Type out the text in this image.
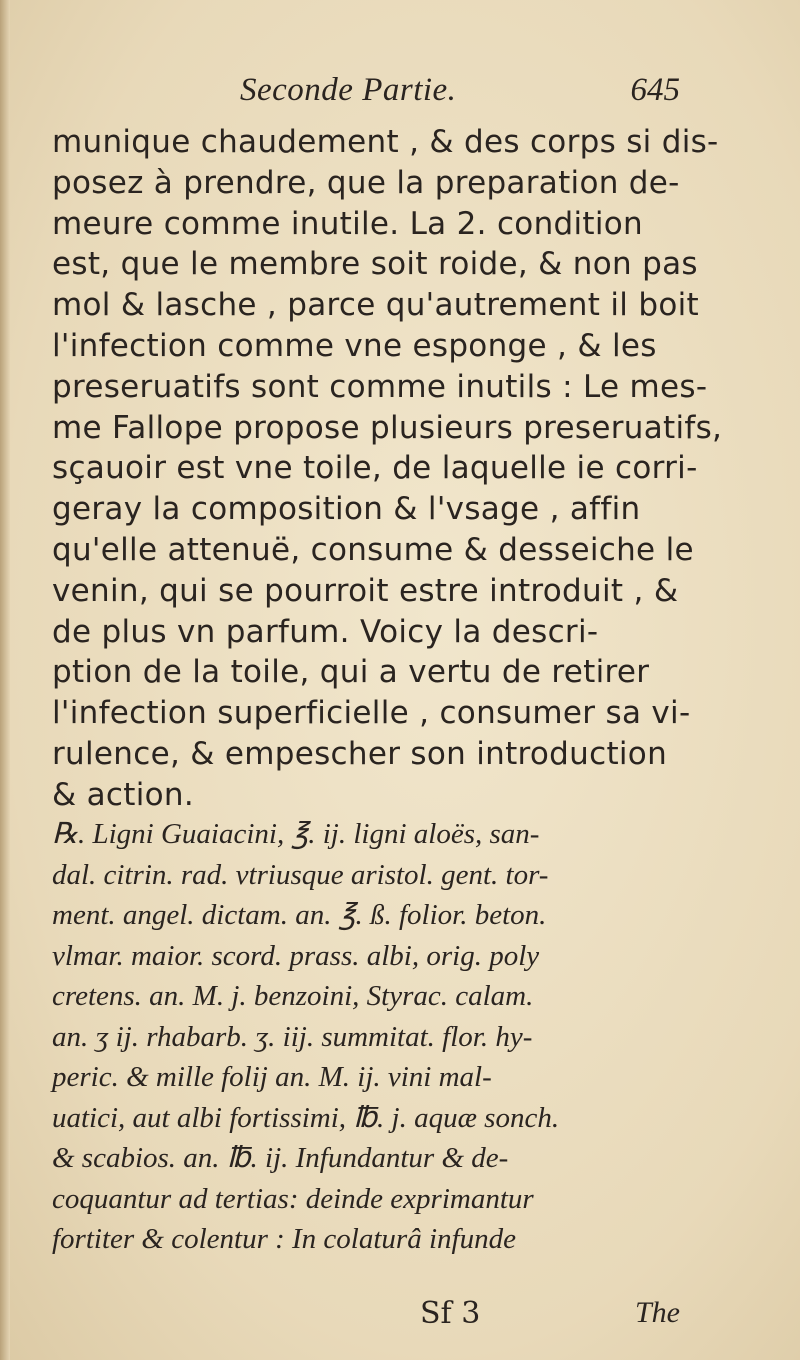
Seconde Partie.	645
munique chaudement , & des corps si dis-
posez à prendre, que la preparation de-
meure comme inutile. La 2. condition
est, que le membre soit roide, & non pas
mol & lasche , parce qu'autrement il boit
l'infection comme vne esponge , & les
preseruatifs sont comme inutils : Le mes-
me Fallope propose plusieurs preseruatifs,
sçauoir est vne toile, de laquelle ie corri-
geray la composition & l'vsage , affin
qu'elle attenuë, consume & desseiche le
venin, qui se pourroit estre introduit , &
de plus vn parfum. Voicy la descri-
ption de la toile, qui a vertu de retirer
l'infection superficielle , consumer sa vi-
rulence, & empescher son introduction
& action.
℞. Ligni Guaiacini, ℥. ij. ligni aloës, san-
dal. citrin. rad. vtriusque aristol. gent. tor-
ment. angel. dictam. an. ℥. ß. folior. beton.
vlmar. maior. scord. prass. albi, orig. poly
cretens. an. M. j. benzoini, Styrac. calam.
an. ʒ ij. rhabarb. ʒ. iij. summitat. flor. hy-
peric. & mille folij an. M. ij. vini mal-
uatici, aut albi fortissimi, ℔. j. aquæ sonch.
& scabios. an. ℔. ij. Infundantur & de-
coquantur ad tertias: deinde exprimantur
fortiter & colentur : In colaturâ infunde
Sf 3	The
